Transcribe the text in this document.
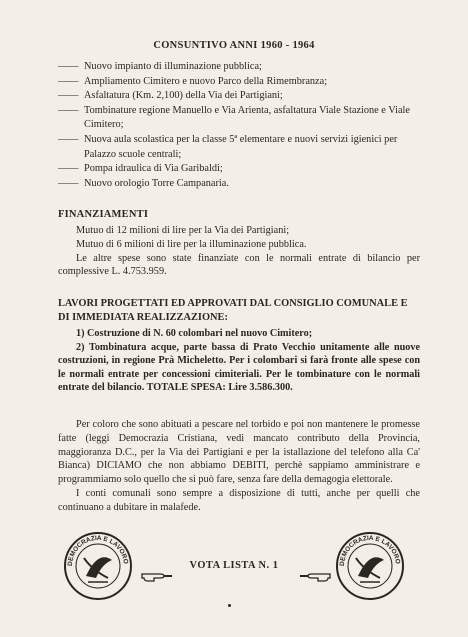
CONSUNTIVO ANNI 1960 - 1964
—— Nuovo impianto di illuminazione pubblica;
—— Ampliamento Cimitero e nuovo Parco della Rimembranza;
—— Asfaltatura (Km. 2,100) della Via dei Partigiani;
—— Tombinature regione Manuello e Via Arienta, asfaltatura Viale Stazione e Viale Cimitero;
—— Nuova aula scolastica per la classe 5ª elementare e nuovi servizi igienici per Palazzo scuole centrali;
—— Pompa idraulica di Via Garibaldi;
—— Nuovo orologio Torre Campanaria.
FINANZIAMENTI

Mutuo di 12 milioni di lire per la Via dei Partigiani;

Mutuo di 6 milioni di lire per la illuminazione pubblica.

Le altre spese sono state finanziate con le normali entrate di bilancio per complessive L. 4.753.959.

LAVORI PROGETTATI ED APPROVATI DAL CONSIGLIO COMUNALE E DI IMMEDIATA REALIZZAZIONE:

1) Costruzione di N. 60 colombari nel nuovo Cimitero;

2) Tombinatura acque, parte bassa di Prato Vecchio unitamente alle nuove costruzioni, in regione Prà Micheletto. Per i colombari si farà fronte alle spese con le normali entrate per concessioni cimiteriali. Per le tombinature con le normali entrate del bilancio. TOTALE SPESA: Lire 3.586.300.

Per coloro che sono abituati a pescare nel torbido e poi non mantenere le promesse fatte (leggi Democrazia Cristiana, vedi mancato contributo della Provincia, maggioranza D.C., per la Via dei Partigiani e per la istallazione del telefono alla Ca' Bianca) DICIAMO che non abbiamo DEBITI, perchè sappiamo amministrare e programmiamo solo quello che si può fare, senza fare della demagogia elettorale.

I conti comunali sono sempre a disposizione di tutti, anche per quelli che continuano a dubitare in malafede.

DEMOCRAZIA E LAVORO	DEMOCRAZIA E LAVORO
VOTA LISTA N. 1
